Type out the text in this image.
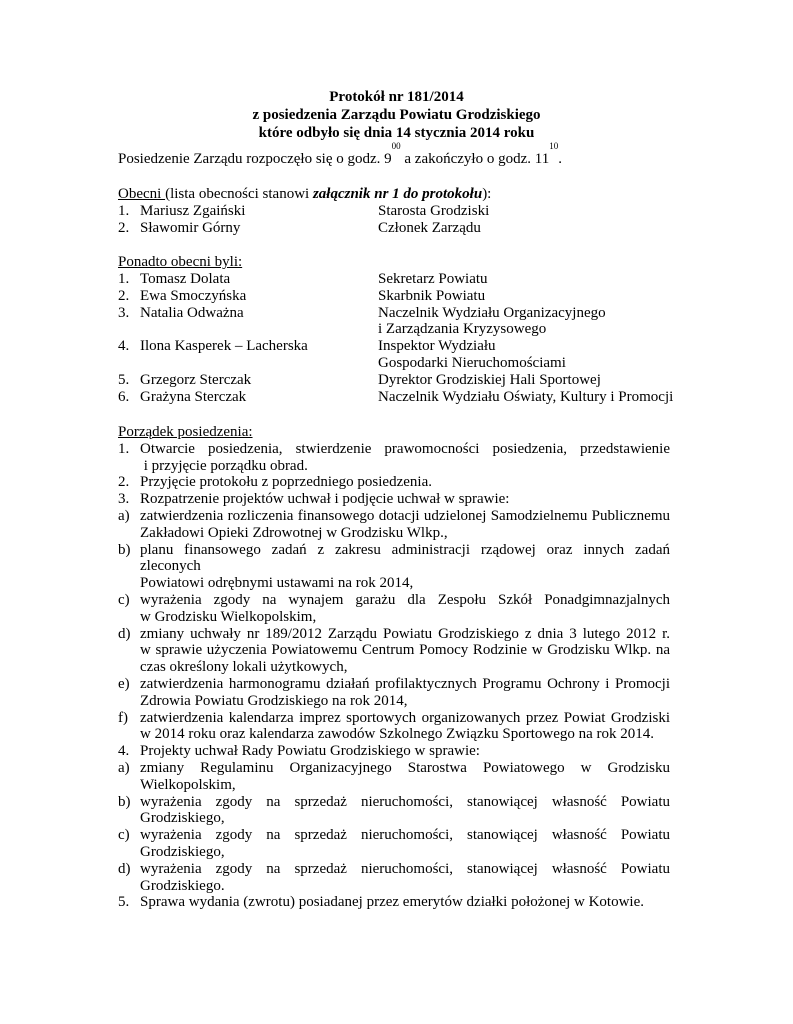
Protokół nr 181/2014
z posiedzenia Zarządu Powiatu Grodziskiego
które odbyło się dnia 14 stycznia 2014 roku
Posiedzenie Zarządu rozpoczęło się o godz. $9^{00}$ a zakończyło o godz. $11^{10}$.
Obecni (lista obecności stanowi załącznik nr 1 do protokołu):
1. Mariusz Zgaiński	Starosta Grodziski
2. Sławomir Górny	Członek Zarządu
Ponadto obecni byli:
1. Tomasz Dolata	Sekretarz Powiatu
2. Ewa Smoczyńska	Skarbnik Powiatu
3. Natalia Odważna	Naczelnik Wydziału Organizacyjnego
i Zarządzania Kryzysowego
4. Ilona Kasperek – Lacherska	Inspektor Wydziału
Gospodarki Nieruchomościami
5. Grzegorz Sterczak	Dyrektor Grodziskiej Hali Sportowej
6. Grażyna Sterczak	Naczelnik Wydziału Oświaty, Kultury i Promocji
Porządek posiedzenia:
1. Otwarcie posiedzenia, stwierdzenie prawomocności posiedzenia, przedstawienie
i przyjęcie porządku obrad.
2. Przyjęcie protokołu z poprzedniego posiedzenia.
3. Rozpatrzenie projektów uchwał i podjęcie uchwał w sprawie:
a) zatwierdzenia rozliczenia finansowego dotacji udzielonej Samodzielnemu Publicznemu
Zakładowi Opieki Zdrowotnej w Grodzisku Wlkp.,
b) planu finansowego zadań z zakresu administracji rządowej oraz innych zadań zleconych
Powiatowi odrębnymi ustawami na rok 2014,
c) wyrażenia zgody na wynajem garażu dla Zespołu Szkół Ponadgimnazjalnych
w Grodzisku Wielkopolskim,
d) zmiany uchwały nr 189/2012 Zarządu Powiatu Grodziskiego z dnia 3 lutego 2012 r.
w sprawie użyczenia Powiatowemu Centrum Pomocy Rodzinie w Grodzisku Wlkp. na
czas określony lokali użytkowych,
e) zatwierdzenia harmonogramu działań profilaktycznych Programu Ochrony i Promocji
Zdrowia Powiatu Grodziskiego na rok 2014,
f) zatwierdzenia kalendarza imprez sportowych organizowanych przez Powiat Grodziski
w 2014 roku oraz kalendarza zawodów Szkolnego Związku Sportowego na rok 2014.
4. Projekty uchwał Rady Powiatu Grodziskiego w sprawie:
a) zmiany Regulaminu Organizacyjnego Starostwa Powiatowego w Grodzisku
Wielkopolskim,
b) wyrażenia zgody na sprzedaż nieruchomości, stanowiącej własność Powiatu
Grodziskiego,
c) wyrażenia zgody na sprzedaż nieruchomości, stanowiącej własność Powiatu
Grodziskiego,
d) wyrażenia zgody na sprzedaż nieruchomości, stanowiącej własność Powiatu
Grodziskiego.
5. Sprawa wydania (zwrotu) posiadanej przez emerytów działki położonej w Kotowie.
